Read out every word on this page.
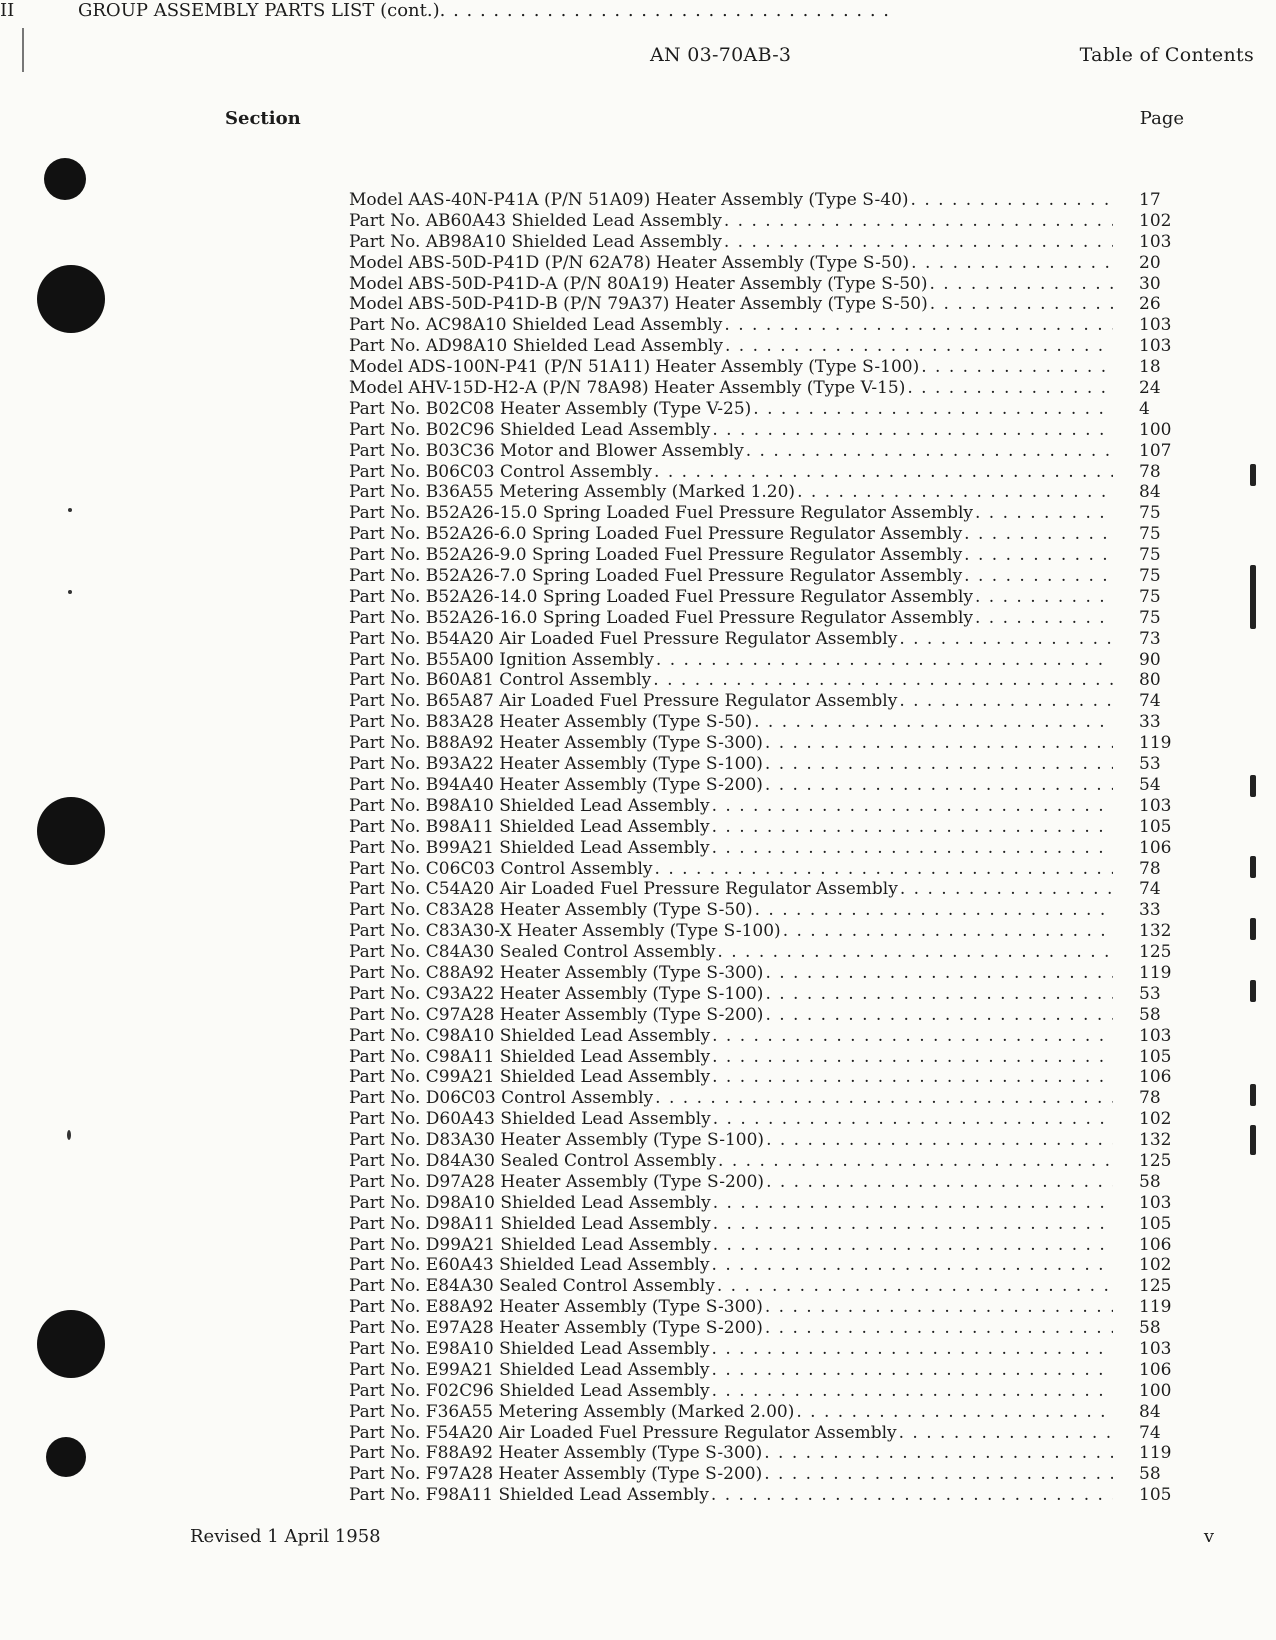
AN 03-70AB-3	Table of Contents
Section	Page
II	GROUP ASSEMBLY PARTS LIST (cont.)
. . .
Model AAS-40N-P41A (P/N 51A09) Heater Assembly (Type S-40) . . .	17
Part No. AB60A43 Shielded Lead Assembly . . .	102
Part No. AB98A10 Shielded Lead Assembly . . .	103
Model ABS-50D-P41D (P/N 62A78) Heater Assembly (Type S-50) . . .	20
Model ABS-50D-P41D-A (P/N 80A19) Heater Assembly (Type S-50) . . .	30
Model ABS-50D-P41D-B (P/N 79A37) Heater Assembly (Type S-50) . . .	26
Part No. AC98A10 Shielded Lead Assembly . . .	103
Part No. AD98A10 Shielded Lead Assembly . . .	103
Model ADS-100N-P41 (P/N 51A11) Heater Assembly (Type S-100) . . .	18
Model AHV-15D-H2-A (P/N 78A98) Heater Assembly (Type V-15) . . .	24
Part No. B02C08 Heater Assembly (Type V-25) . . .	4
Part No. B02C96 Shielded Lead Assembly . . .	100
Part No. B03C36 Motor and Blower Assembly . . .	107
Part No. B06C03 Control Assembly . . .	78
Part No. B36A55 Metering Assembly (Marked 1.20) . . .	84
Part No. B52A26-15.0 Spring Loaded Fuel Pressure Regulator Assembly . . .	75
Part No. B52A26-6.0 Spring Loaded Fuel Pressure Regulator Assembly . . .	75
Part No. B52A26-9.0 Spring Loaded Fuel Pressure Regulator Assembly . . .	75
Part No. B52A26-7.0 Spring Loaded Fuel Pressure Regulator Assembly . . .	75
Part No. B52A26-14.0 Spring Loaded Fuel Pressure Regulator Assembly . . .	75
Part No. B52A26-16.0 Spring Loaded Fuel Pressure Regulator Assembly . . .	75
Part No. B54A20 Air Loaded Fuel Pressure Regulator Assembly . . .	73
Part No. B55A00 Ignition Assembly . . .	90
Part No. B60A81 Control Assembly . . .	80
Part No. B65A87 Air Loaded Fuel Pressure Regulator Assembly . . .	74
Part No. B83A28 Heater Assembly (Type S-50) . . .	33
Part No. B88A92 Heater Assembly (Type S-300) . . .	119
Part No. B93A22 Heater Assembly (Type S-100) . . .	53
Part No. B94A40 Heater Assembly (Type S-200) . . .	54
Part No. B98A10 Shielded Lead Assembly . . .	103
Part No. B98A11 Shielded Lead Assembly . . .	105
Part No. B99A21 Shielded Lead Assembly . . .	106
Part No. C06C03 Control Assembly . . .	78
Part No. C54A20 Air Loaded Fuel Pressure Regulator Assembly . . .	74
Part No. C83A28 Heater Assembly (Type S-50) . . .	33
Part No. C83A30-X Heater Assembly (Type S-100) . . .	132
Part No. C84A30 Sealed Control Assembly . . .	125
Part No. C88A92 Heater Assembly (Type S-300) . . .	119
Part No. C93A22 Heater Assembly (Type S-100) . . .	53
Part No. C97A28 Heater Assembly (Type S-200) . . .	58
Part No. C98A10 Shielded Lead Assembly . . .	103
Part No. C98A11 Shielded Lead Assembly . . .	105
Part No. C99A21 Shielded Lead Assembly . . .	106
Part No. D06C03 Control Assembly . . .	78
Part No. D60A43 Shielded Lead Assembly . . .	102
Part No. D83A30 Heater Assembly (Type S-100) . . .	132
Part No. D84A30 Sealed Control Assembly . . .	125
Part No. D97A28 Heater Assembly (Type S-200) . . .	58
Part No. D98A10 Shielded Lead Assembly . . .	103
Part No. D98A11 Shielded Lead Assembly . . .	105
Part No. D99A21 Shielded Lead Assembly . . .	106
Part No. E60A43 Shielded Lead Assembly . . .	102
Part No. E84A30 Sealed Control Assembly . . .	125
Part No. E88A92 Heater Assembly (Type S-300) . . .	119
Part No. E97A28 Heater Assembly (Type S-200) . . .	58
Part No. E98A10 Shielded Lead Assembly . . .	103
Part No. E99A21 Shielded Lead Assembly . . .	106
Part No. F02C96 Shielded Lead Assembly . . .	100
Part No. F36A55 Metering Assembly (Marked 2.00) . . .	84
Part No. F54A20 Air Loaded Fuel Pressure Regulator Assembly . . .	74
Part No. F88A92 Heater Assembly (Type S-300) . . .	119
Part No. F97A28 Heater Assembly (Type S-200) . . .	58
Part No. F98A11 Shielded Lead Assembly . . .	105
Revised 1 April 1958	v
